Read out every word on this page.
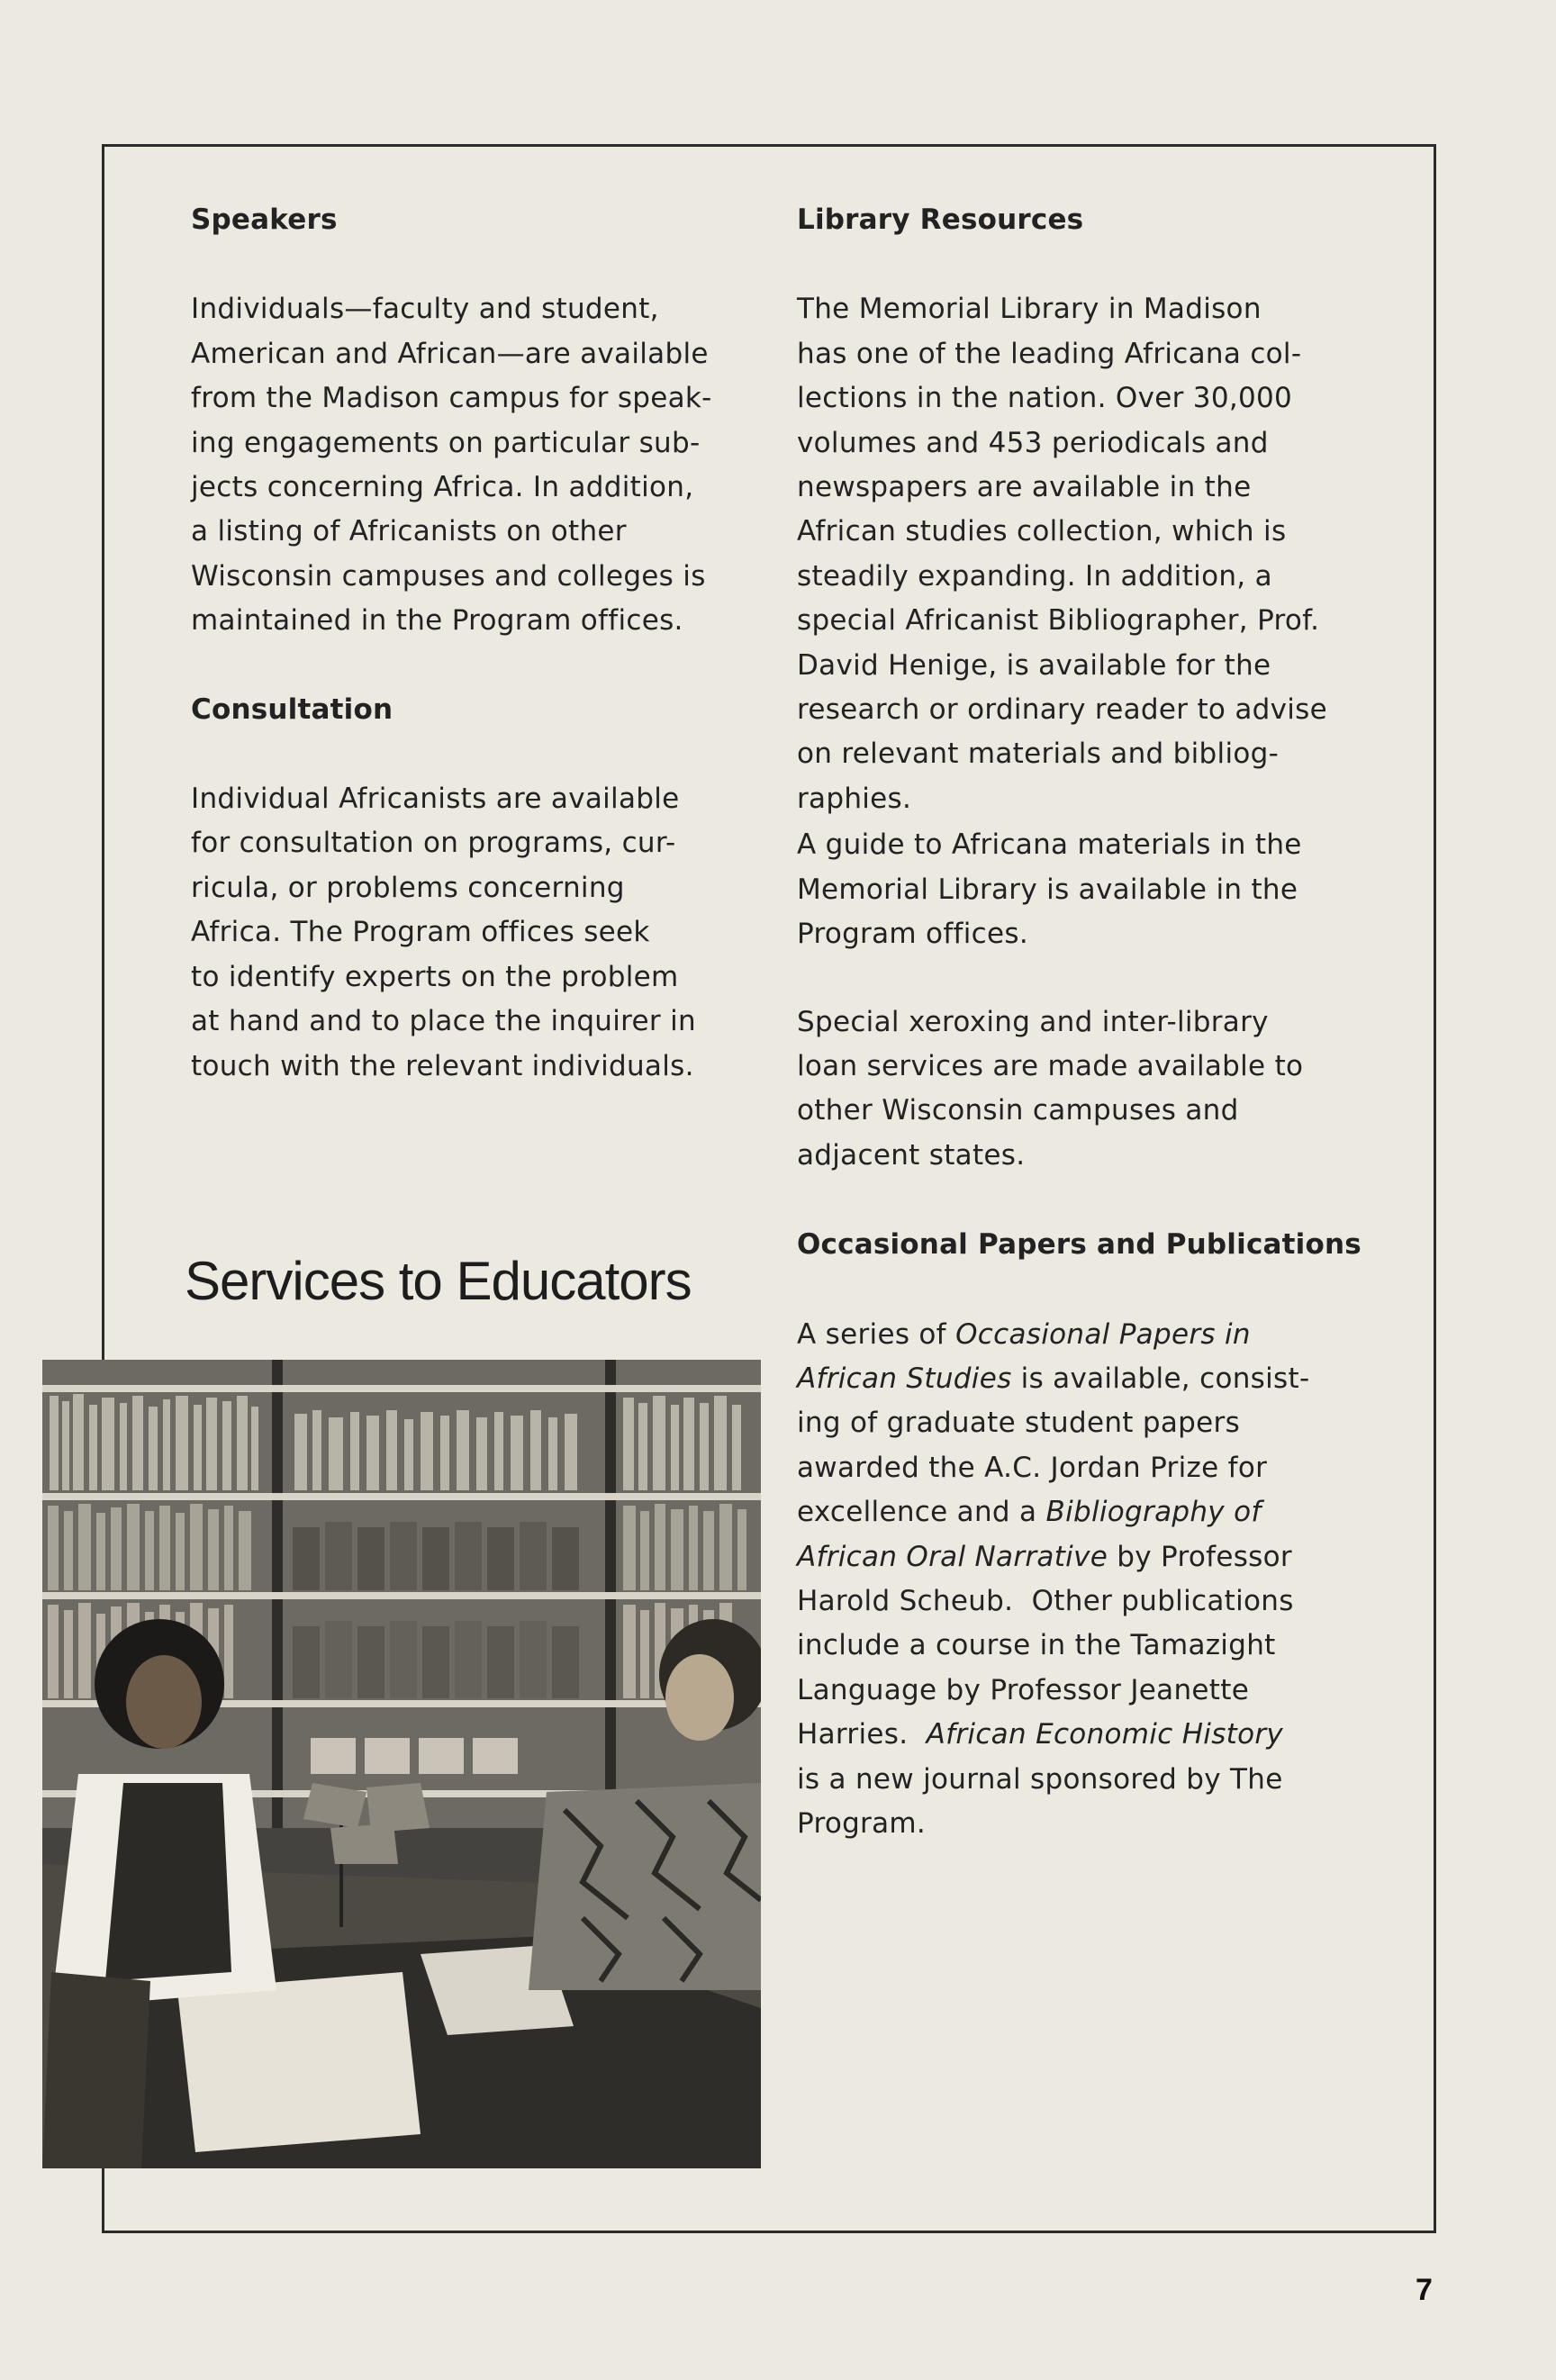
Speakers

Individuals—faculty and student,

American and African—are available

from the Madison campus for speak-

ing engagements on particular sub-

jects concerning Africa. In addition,

a listing of Africanists on other

Wisconsin campuses and colleges is

maintained in the Program offices.

Consultation

Individual Africanists are available

for consultation on programs, cur-

ricula, or problems concerning

Africa. The Program offices seek

to identify experts on the problem

at hand and to place the inquirer in

touch with the relevant individuals.

Services to Educators
Library Resources

The Memorial Library in Madison

has one of the leading Africana col-

lections in the nation. Over 30,000

volumes and 453 periodicals and

newspapers are available in the

African studies collection, which is

steadily expanding. In addition, a

special Africanist Bibliographer, Prof.

David Henige, is available for the

research or ordinary reader to advise

on relevant materials and bibliog-

raphies.

A guide to Africana materials in the

Memorial Library is available in the

Program offices.

Special xeroxing and inter-library

loan services are made available to

other Wisconsin campuses and

adjacent states.

Occasional Papers and Publications

A series of Occasional Papers in

African Studies is available, consist-

ing of graduate student papers

awarded the A.C. Jordan Prize for

excellence and a Bibliography of

African Oral Narrative by Professor

Harold Scheub.  Other publications

include a course in the Tamazight

Language by Professor Jeanette

Harries.  African Economic History

is a new journal sponsored by The

Program.

7
